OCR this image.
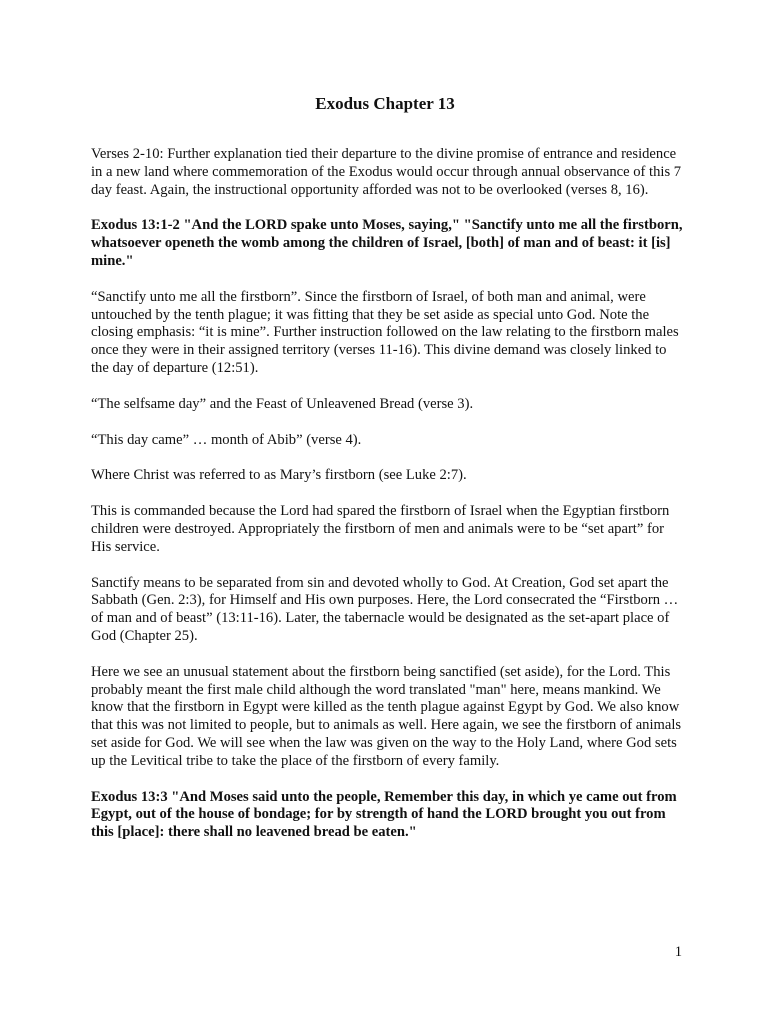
Exodus Chapter 13

Verses 2-10: Further explanation tied their departure to the divine promise of entrance and residence in a new land where commemoration of the Exodus would occur through annual observance of this 7 day feast. Again, the instructional opportunity afforded was not to be overlooked (verses 8, 16).

Exodus 13:1-2 "And the LORD spake unto Moses, saying," "Sanctify unto me all the firstborn, whatsoever openeth the womb among the children of Israel, [both] of man and of beast: it [is] mine."

“Sanctify unto me all the firstborn”. Since the firstborn of Israel, of both man and animal, were untouched by the tenth plague; it was fitting that they be set aside as special unto God. Note the closing emphasis: “it is mine”. Further instruction followed on the law relating to the firstborn males once they were in their assigned territory (verses 11-16). This divine demand was closely linked to the day of departure (12:51).

“The selfsame day” and the Feast of Unleavened Bread (verse 3).

“This day came” … month of Abib” (verse 4).

Where Christ was referred to as Mary’s firstborn (see Luke 2:7).

This is commanded because the Lord had spared the firstborn of Israel when the Egyptian firstborn children were destroyed. Appropriately the firstborn of men and animals were to be “set apart” for His service.

Sanctify means to be separated from sin and devoted wholly to God. At Creation, God set apart the Sabbath (Gen. 2:3), for Himself and His own purposes. Here, the Lord consecrated the “Firstborn … of man and of beast” (13:11-16). Later, the tabernacle would be designated as the set-apart place of God (Chapter 25).

Here we see an unusual statement about the firstborn being sanctified (set aside), for the Lord. This probably meant the first male child although the word translated "man" here, means mankind. We know that the firstborn in Egypt were killed as the tenth plague against Egypt by God. We also know that this was not limited to people, but to animals as well. Here again, we see the firstborn of animals set aside for God. We will see when the law was given on the way to the Holy Land, where God sets up the Levitical tribe to take the place of the firstborn of every family.

Exodus 13:3 "And Moses said unto the people, Remember this day, in which ye came out from Egypt, out of the house of bondage; for by strength of hand the LORD brought you out from this [place]: there shall no leavened bread be eaten."

1
